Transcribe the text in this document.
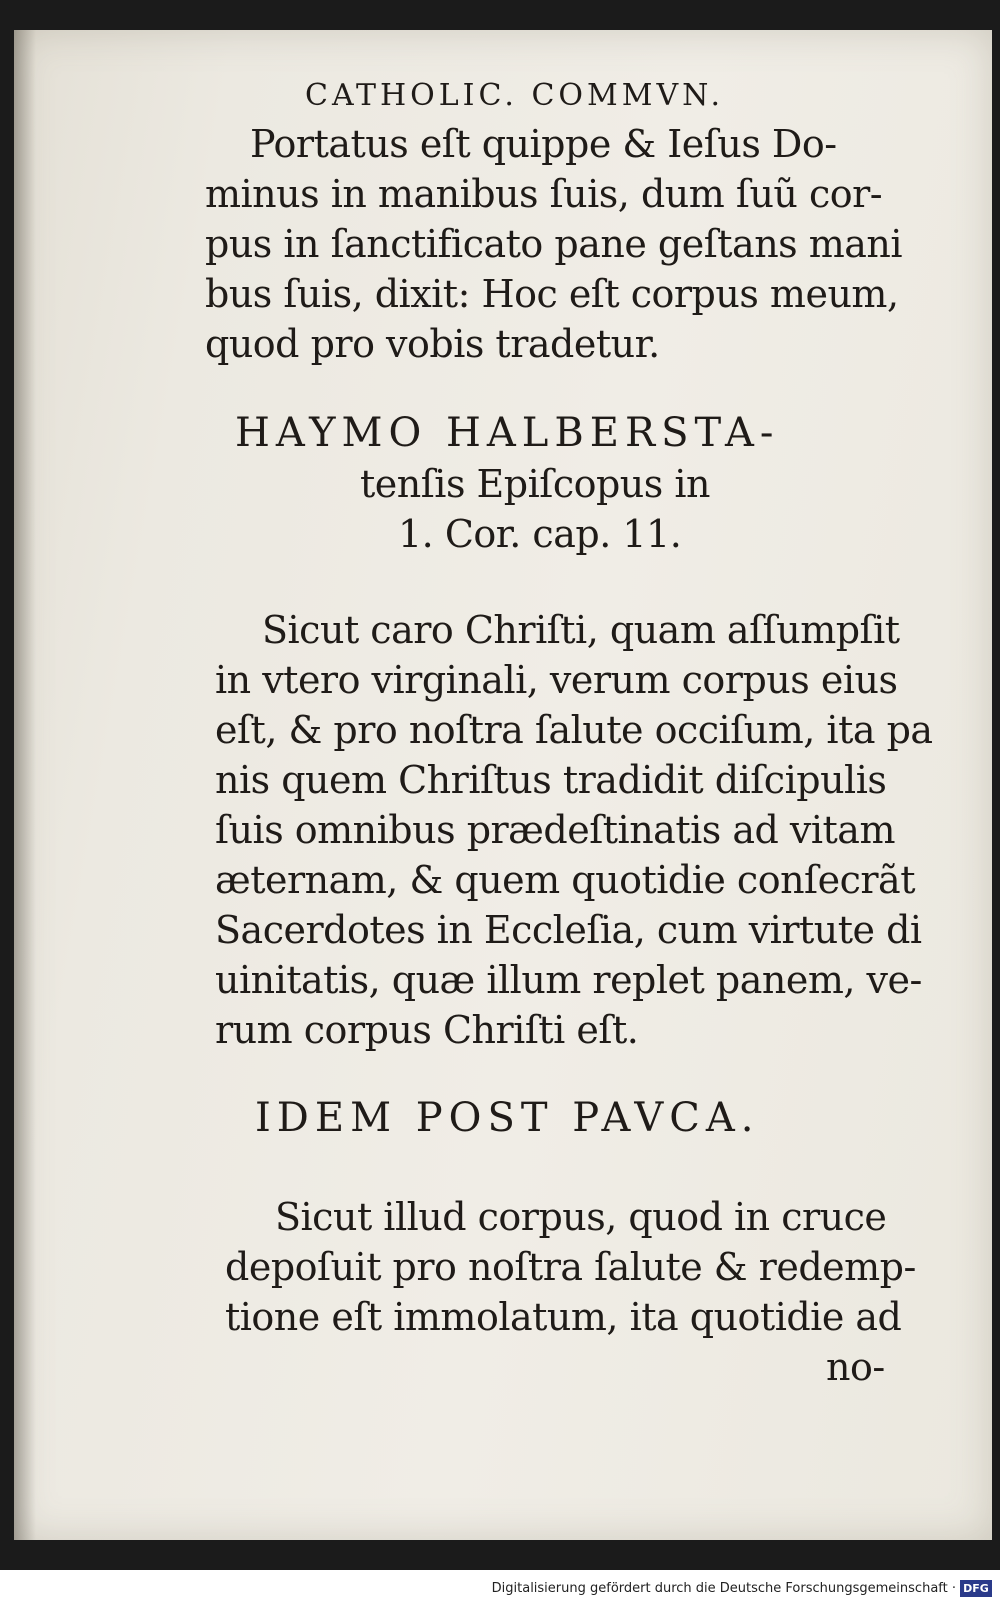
CATHOLIC. COMMVN.
Portatus eſt quippe & Ieſus Do-
minus in manibus ſuis, dum ſuũ cor-
pus in ſanctificato pane geſtans mani
bus ſuis, dixit: Hoc eſt corpus meum,
quod pro vobis tradetur.
HAYMO HALBERSTA-
tenſis Epiſcopus in
1. Cor. cap. 11.
Sicut caro Chriſti, quam aſſumpſit
in vtero virginali, verum corpus eius
eſt, & pro noſtra ſalute occiſum, ita pa
nis quem Chriſtus tradidit diſcipulis
ſuis omnibus prædeſtinatis ad vitam
æternam, & quem quotidie conſecrãt
Sacerdotes in Eccleſia, cum virtute di
uinitatis, quæ illum replet panem, ve-
rum corpus Chriſti eſt.
IDEM POST PAVCA.
Sicut illud corpus, quod in cruce
depoſuit pro noſtra ſalute & redemp-
tione eſt immolatum, ita quotidie ad
no-
Digitalisierung gefördert durch die Deutsche Forschungsgemeinschaft · DFG
